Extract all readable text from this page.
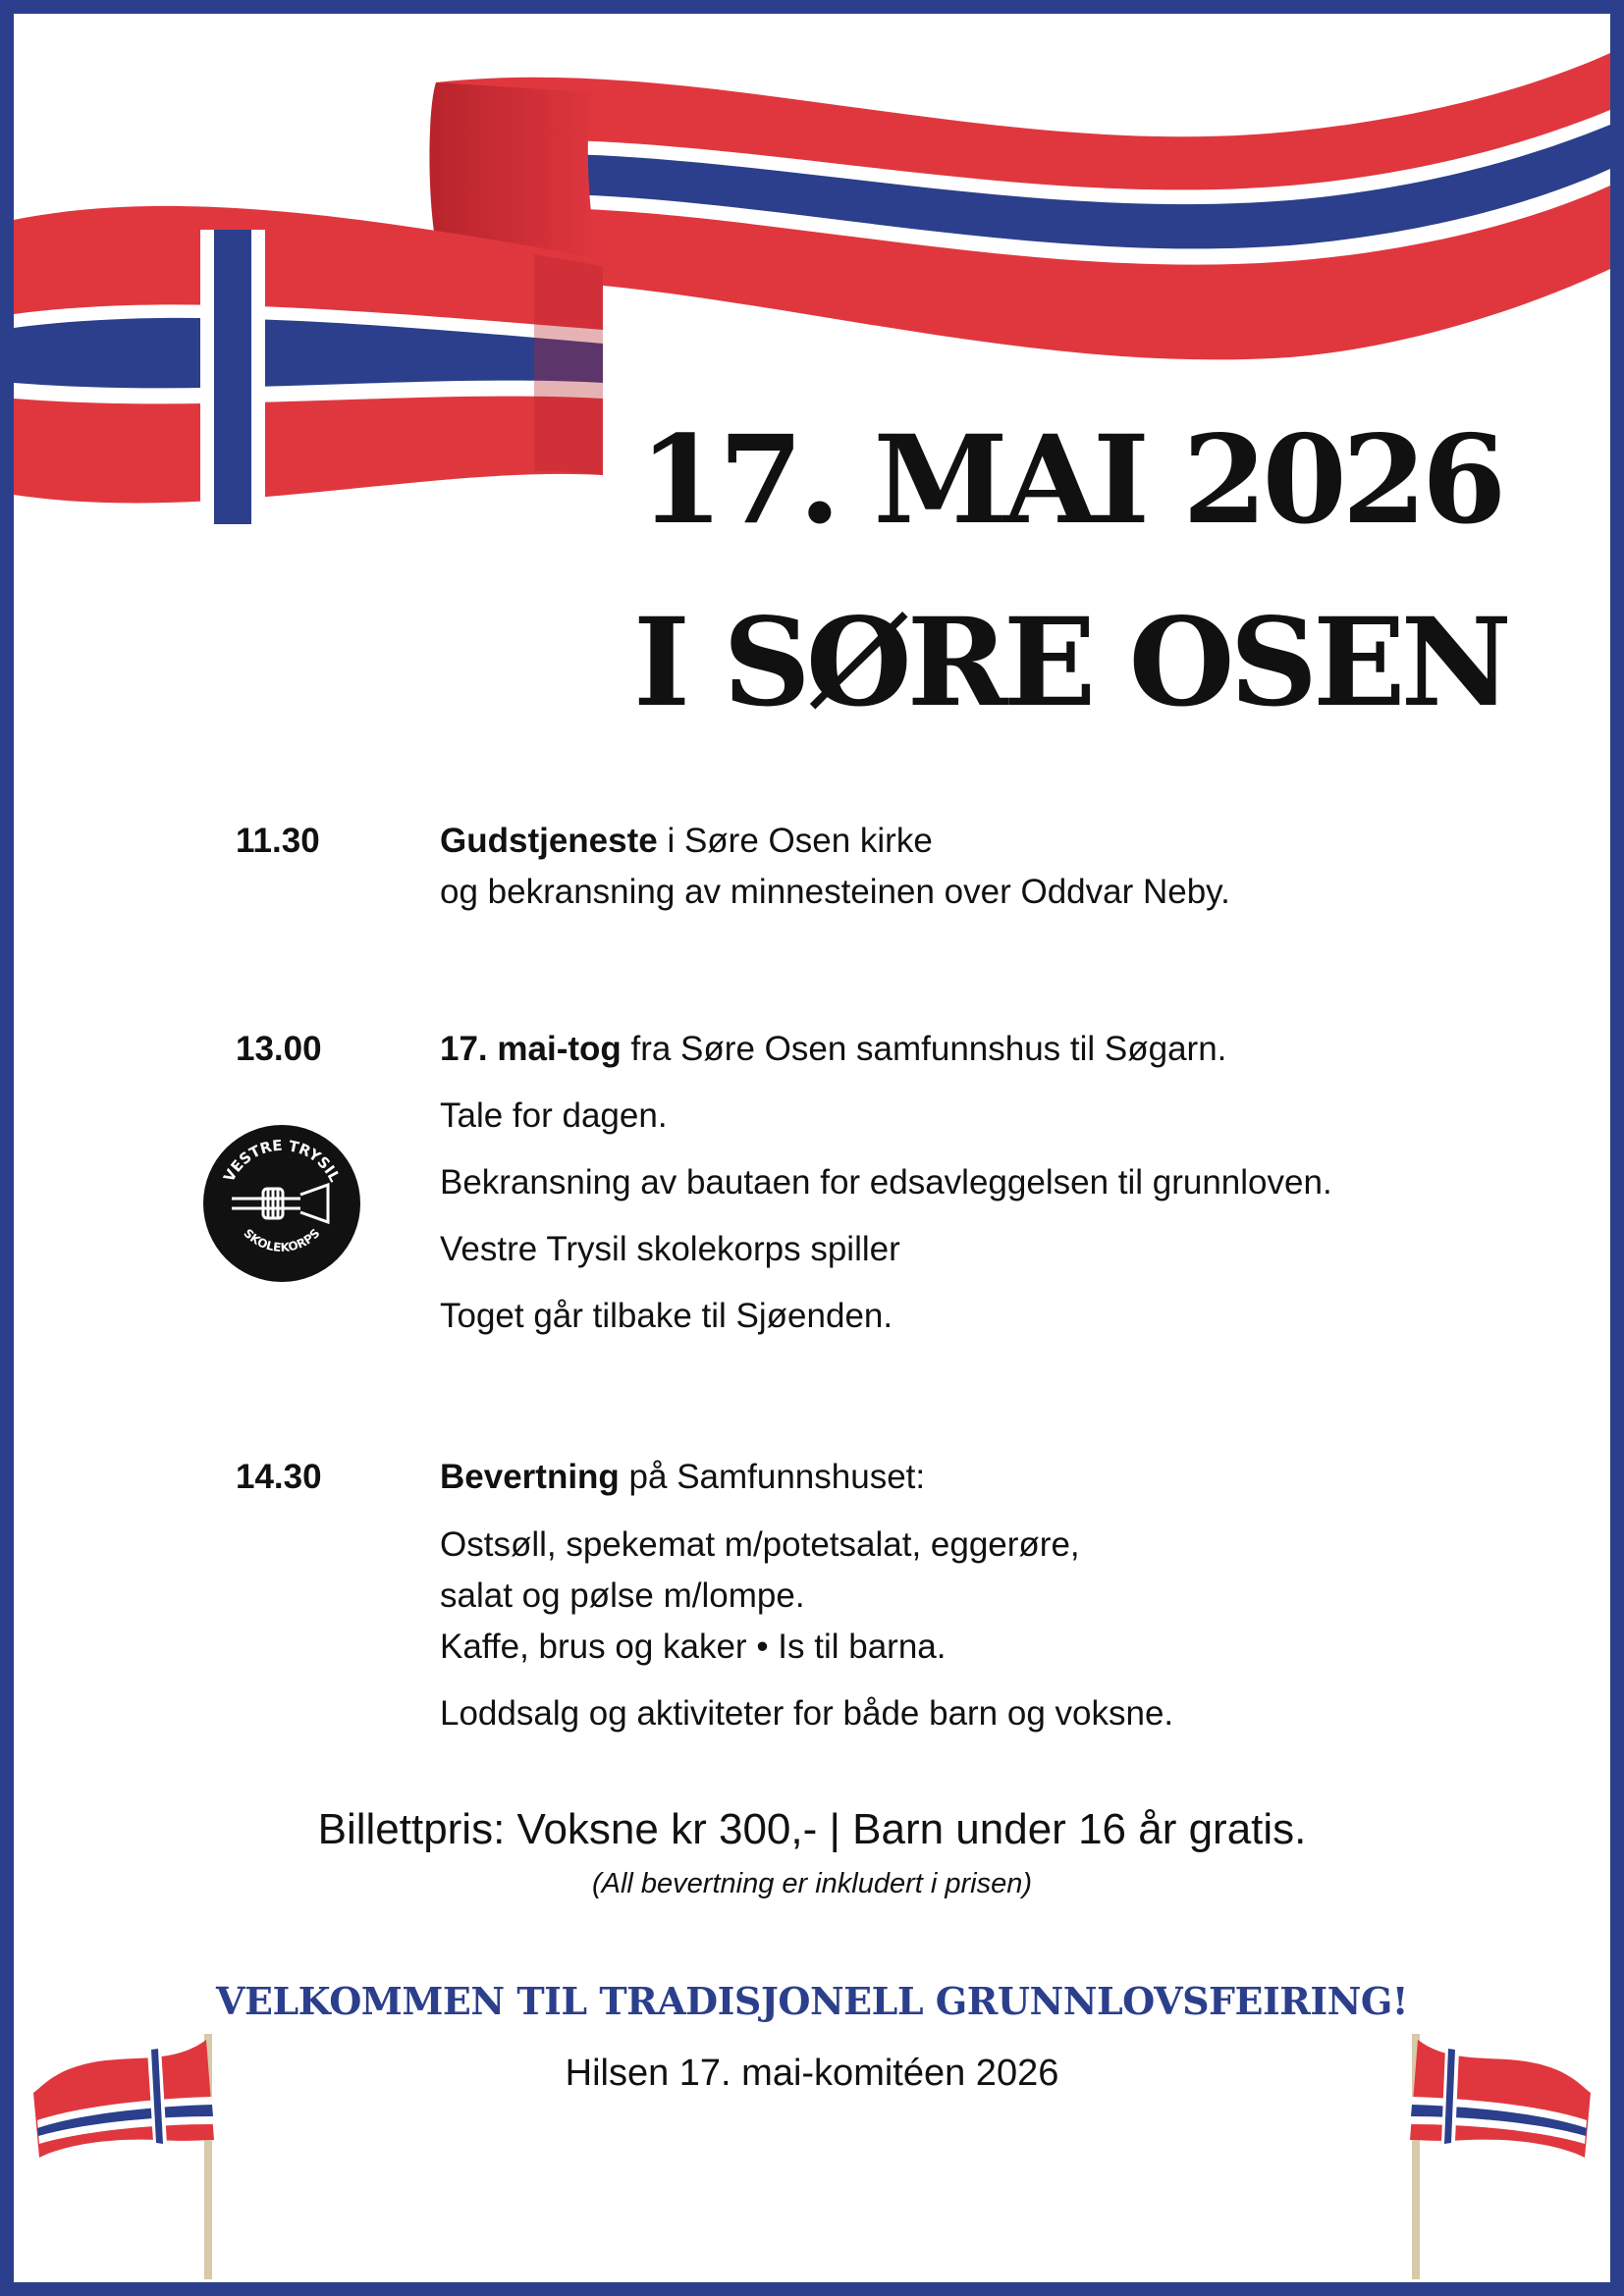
17. MAI 2026
I SØRE OSEN
11.30	Gudstjeneste i Søre Osen kirke
og bekransning av minnesteinen over Oddvar Neby.
13.00	17. mai-tog fra Søre Osen samfunnshus til Søgarn.
Tale for dagen.
Bekransning av bautaen for edsavleggelsen til grunnloven.
Vestre Trysil skolekorps spiller
Toget går tilbake til Sjøenden.
VESTRE TRYSIL
SKOLEKORPS
14.30	Bevertning på Samfunnshuset:
Ostsøll, spekemat m/potetsalat, eggerøre,
salat og pølse m/lompe.
Kaffe, brus og kaker • Is til barna.
Loddsalg og aktiviteter for både barn og voksne.
Billettpris: Voksne kr 300,- | Barn under 16 år gratis.
(All bevertning er inkludert i prisen)
VELKOMMEN TIL TRADISJONELL GRUNNLOVSFEIRING!
Hilsen 17. mai-komitéen 2026
